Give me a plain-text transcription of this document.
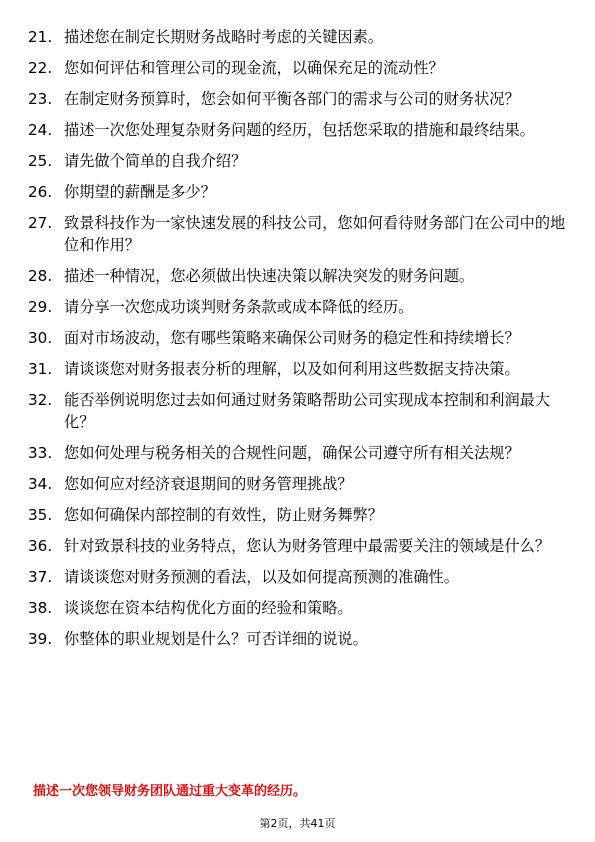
21. 描述您在制定长期财务战略时考虑的关键因素。
22. 您如何评估和管理公司的现金流，以确保充足的流动性？
23. 在制定财务预算时，您会如何平衡各部门的需求与公司的财务状况？
24. 描述一次您处理复杂财务问题的经历，包括您采取的措施和最终结果。
25. 请先做个简单的自我介绍？
26. 你期望的薪酬是多少？
27. 致景科技作为一家快速发展的科技公司，您如何看待财务部门在公司中的地位和作用？
28. 描述一种情况，您必须做出快速决策以解决突发的财务问题。
29. 请分享一次您成功谈判财务条款或成本降低的经历。
30. 面对市场波动，您有哪些策略来确保公司财务的稳定性和持续增长？
31. 请谈谈您对财务报表分析的理解，以及如何利用这些数据支持决策。
32. 能否举例说明您过去如何通过财务策略帮助公司实现成本控制和利润最大化？
33. 您如何处理与税务相关的合规性问题，确保公司遵守所有相关法规？
34. 您如何应对经济衰退期间的财务管理挑战？
35. 您如何确保内部控制的有效性，防止财务舞弊？
36. 针对致景科技的业务特点，您认为财务管理中最需要关注的领域是什么？
37. 请谈谈您对财务预测的看法，以及如何提高预测的准确性。
38. 谈谈您在资本结构优化方面的经验和策略。
39. 你整体的职业规划是什么？可否详细的说说。
描述一次您领导财务团队通过重大变革的经历。
第2页，共41页
